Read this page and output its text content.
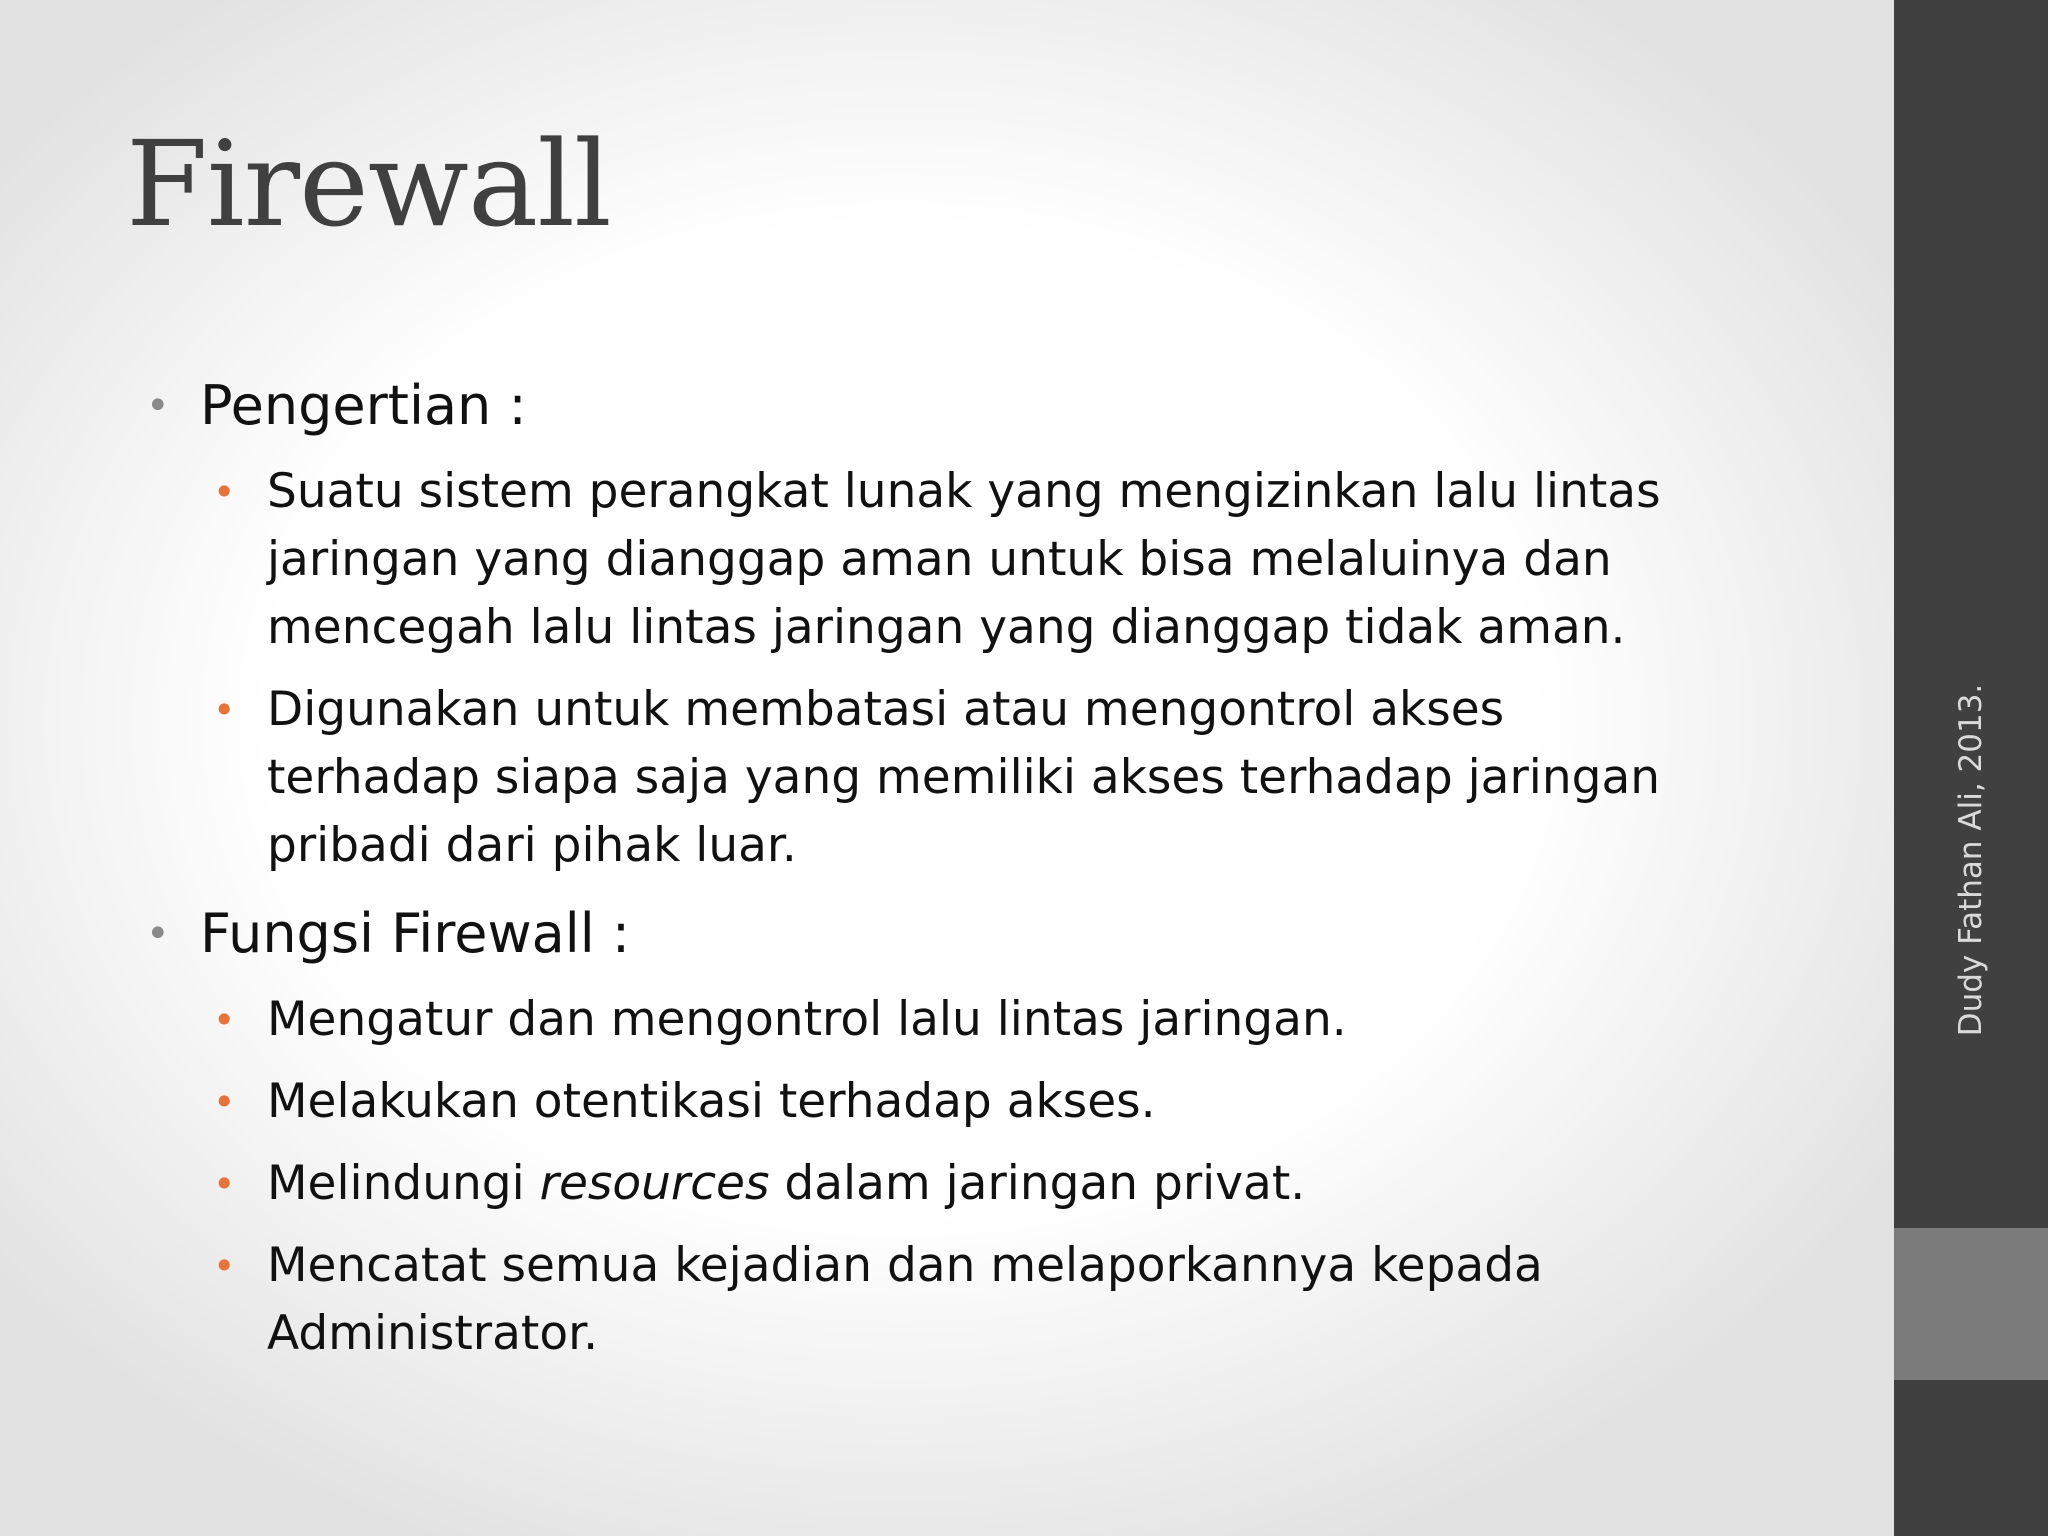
Firewall
• Pengertian :
• Suatu sistem perangkat lunak yang mengizinkan lalu lintas jaringan yang dianggap aman untuk bisa melaluinya dan mencegah lalu lintas jaringan yang dianggap tidak aman.
• Digunakan untuk membatasi atau mengontrol akses terhadap siapa saja yang memiliki akses terhadap jaringan pribadi dari pihak luar.
• Fungsi Firewall :
• Mengatur dan mengontrol lalu lintas jaringan.
• Melakukan otentikasi terhadap akses.
• Melindungi resources dalam jaringan privat.
• Mencatat semua kejadian dan melaporkannya kepada Administrator.
Dudy Fathan Ali, 2013.
